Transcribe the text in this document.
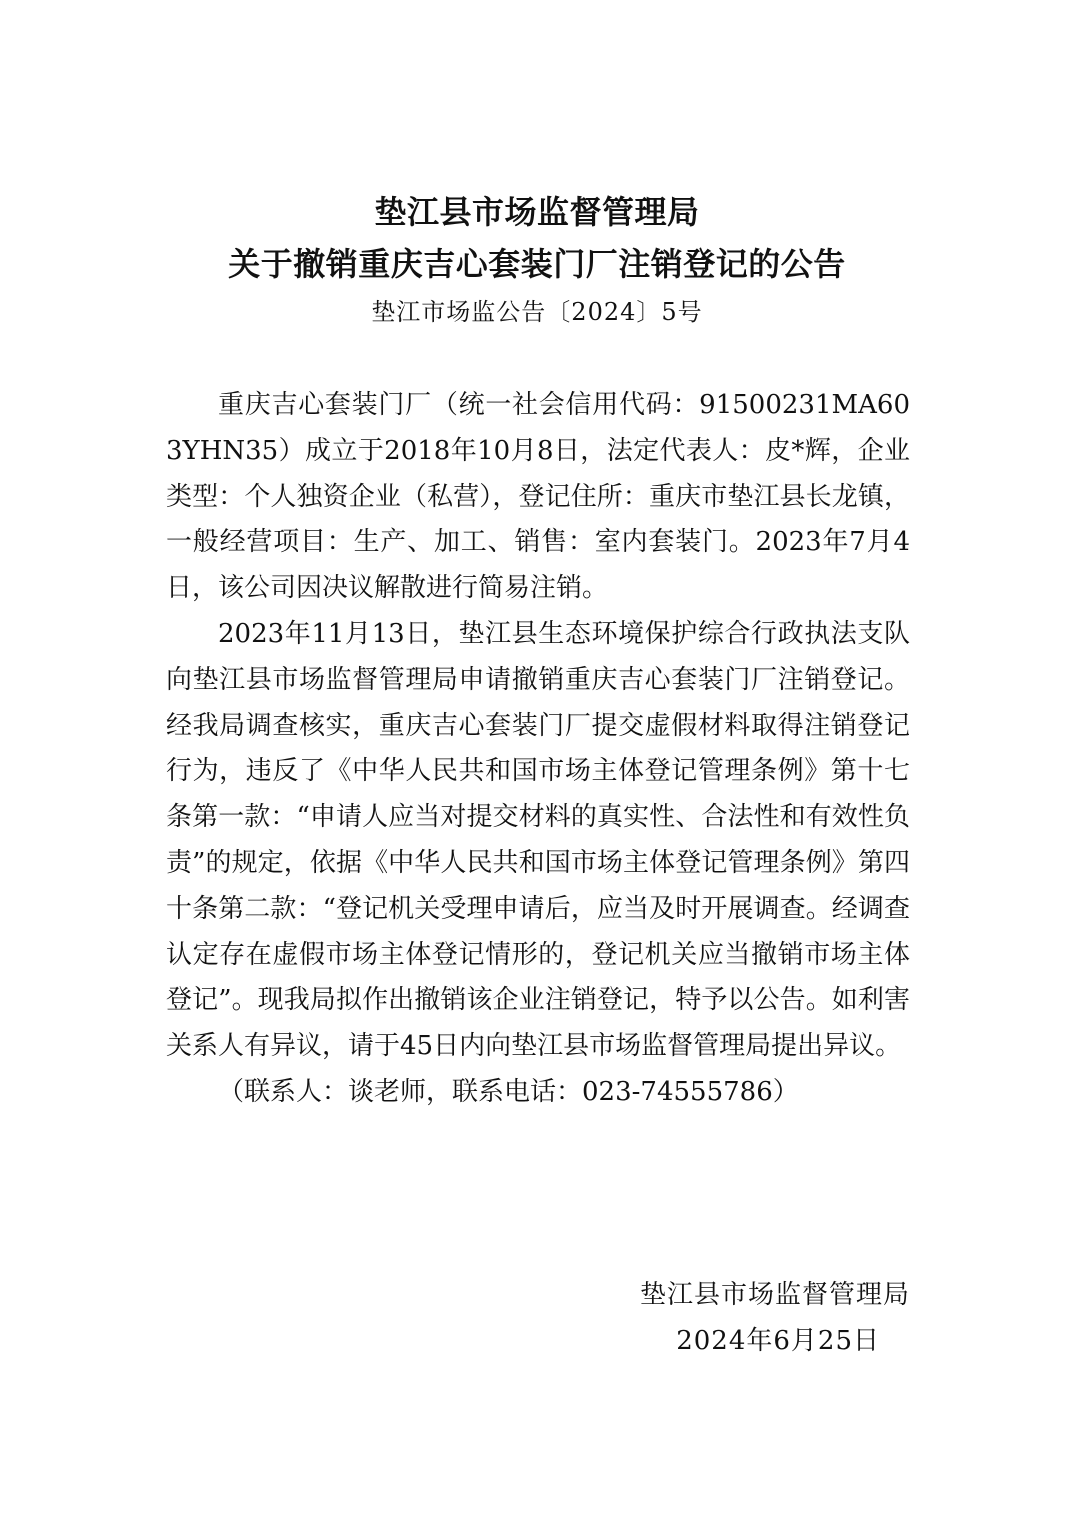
垫江县市场监督管理局

关于撤销重庆吉心套装门厂注销登记的公告

垫江市场监公告〔2024〕5号

重庆吉心套装门厂（统一社会信用代码：91500231MA603YHN35）成立于2018年10月8日，法定代表人：皮*辉，企业类型：个人独资企业（私营），登记住所：重庆市垫江县长龙镇，一般经营项目：生产、加工、销售：室内套装门。2023年7月4日，该公司因决议解散进行简易注销。

2023年11月13日，垫江县生态环境保护综合行政执法支队向垫江县市场监督管理局申请撤销重庆吉心套装门厂注销登记。经我局调查核实，重庆吉心套装门厂提交虚假材料取得注销登记行为，违反了《中华人民共和国市场主体登记管理条例》第十七条第一款：“申请人应当对提交材料的真实性、合法性和有效性负责”的规定，依据《中华人民共和国市场主体登记管理条例》第四十条第二款：“登记机关受理申请后，应当及时开展调查。经调查认定存在虚假市场主体登记情形的，登记机关应当撤销市场主体登记”。现我局拟作出撤销该企业注销登记，特予以公告。如利害关系人有异议，请于45日内向垫江县市场监督管理局提出异议。

（联系人：谈老师，联系电话：023-74555786）

垫江县市场监督管理局

2024年6月25日
